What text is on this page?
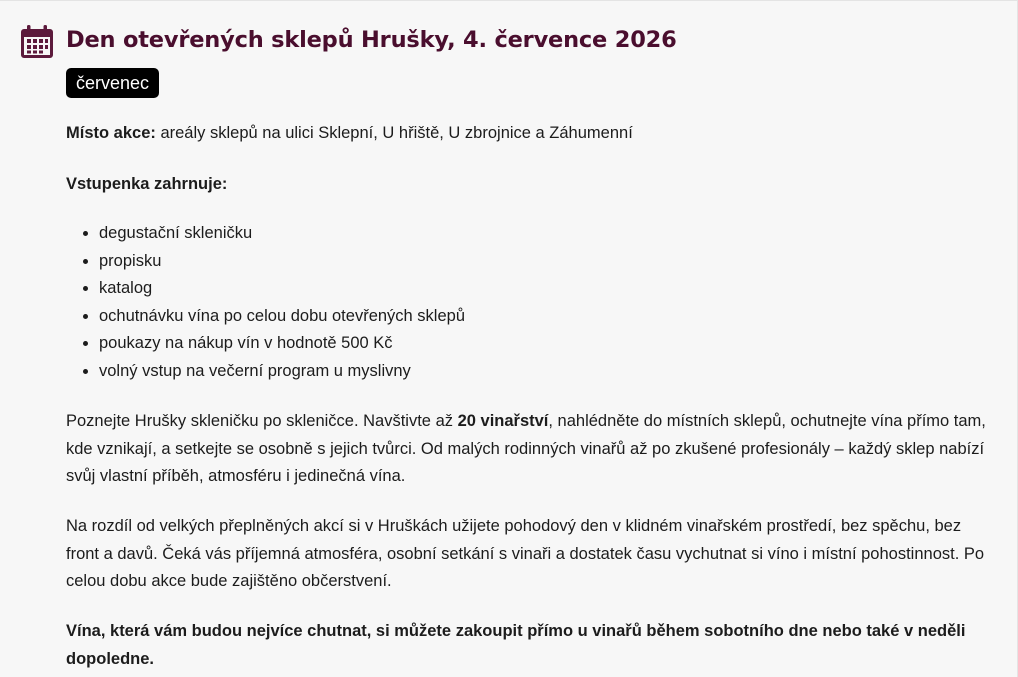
Den otevřených sklepů Hrušky, 4. července 2026
červenec

Místo akce: areály sklepů na ulici Sklepní, U hřiště, U zbrojnice a Záhumenní

Vstupenka zahrnuje:

• degustační skleničku
• propisku
• katalog
• ochutnávku vína po celou dobu otevřených sklepů
• poukazy na nákup vín v hodnotě 500 Kč
• volný vstup na večerní program u myslivny

Poznejte Hrušky skleničku po skleničce. Navštivte až 20 vinařství, nahlédněte do místních sklepů, ochutnejte vína přímo tam, kde vznikají, a setkejte se osobně s jejich tvůrci. Od malých rodinných vinařů až po zkušené profesionály – každý sklep nabízí svůj vlastní příběh, atmosféru i jedinečná vína.

Na rozdíl od velkých přeplněných akcí si v Hruškách užijete pohodový den v klidném vinařském prostředí, bez spěchu, bez front a davů. Čeká vás příjemná atmosféra, osobní setkání s vinaři a dostatek času vychutnat si víno i místní pohostinnost. Po celou dobu akce bude zajištěno občerstvení.

Vína, která vám budou nejvíce chutnat, si můžete zakoupit přímo u vinařů během sobotního dne nebo také v neděli dopoledne.
